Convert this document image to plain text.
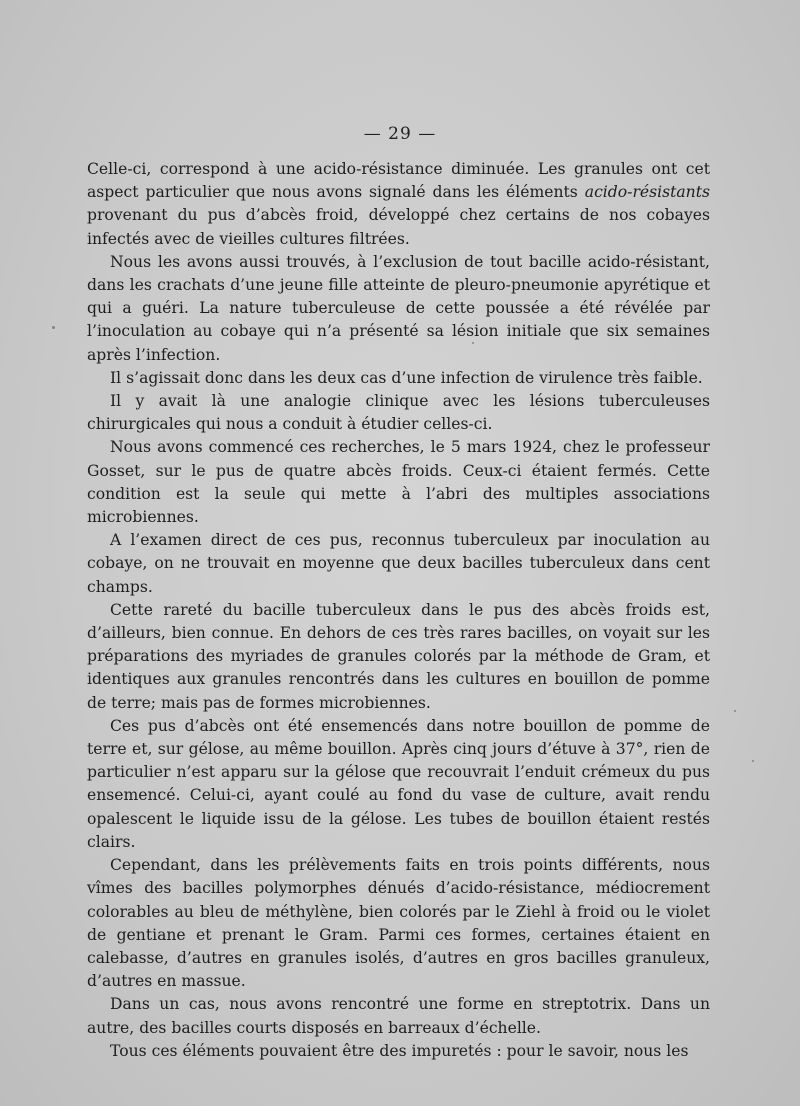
— 29 —

Celle-ci, correspond à une acido-résistance diminuée. Les granules ont cet aspect particulier que nous avons signalé dans les éléments acido-résistants provenant du pus d’abcès froid, développé chez certains de nos cobayes infectés avec de vieilles cultures filtrées.

Nous les avons aussi trouvés, à l’exclusion de tout bacille acido-résistant, dans les crachats d’une jeune fille atteinte de pleuro-pneumonie apyrétique et qui a guéri. La nature tuberculeuse de cette poussée a été révélée par l’inoculation au cobaye qui n’a présenté sa lésion initiale que six semaines après l’infection.

Il s’agissait donc dans les deux cas d’une infection de virulence très faible.

Il y avait là une analogie clinique avec les lésions tuberculeuses chirurgicales qui nous a conduit à étudier celles-ci.

Nous avons commencé ces recherches, le 5 mars 1924, chez le professeur Gosset, sur le pus de quatre abcès froids. Ceux-ci étaient fermés. Cette condition est la seule qui mette à l’abri des multiples associations microbiennes.

A l’examen direct de ces pus, reconnus tuberculeux par inoculation au cobaye, on ne trouvait en moyenne que deux bacilles tuberculeux dans cent champs.

Cette rareté du bacille tuberculeux dans le pus des abcès froids est, d’ailleurs, bien connue. En dehors de ces très rares bacilles, on voyait sur les préparations des myriades de granules colorés par la méthode de Gram, et identiques aux granules rencontrés dans les cultures en bouillon de pomme de terre; mais pas de formes microbiennes.

Ces pus d’abcès ont été ensemencés dans notre bouillon de pomme de terre et, sur gélose, au même bouillon. Après cinq jours d’étuve à 37°, rien de particulier n’est apparu sur la gélose que recouvrait l’enduit crémeux du pus ensemencé. Celui-ci, ayant coulé au fond du vase de culture, avait rendu opalescent le liquide issu de la gélose. Les tubes de bouillon étaient restés clairs.

Cependant, dans les prélèvements faits en trois points différents, nous vîmes des bacilles polymorphes dénués d’acido-résistance, médiocrement colorables au bleu de méthylène, bien colorés par le Ziehl à froid ou le violet de gentiane et prenant le Gram. Parmi ces formes, certaines étaient en calebasse, d’autres en granules isolés, d’autres en gros bacilles granuleux, d’autres en massue.

Dans un cas, nous avons rencontré une forme en streptotrix. Dans un autre, des bacilles courts disposés en barreaux d’échelle.

Tous ces éléments pouvaient être des impuretés : pour le savoir, nous les
